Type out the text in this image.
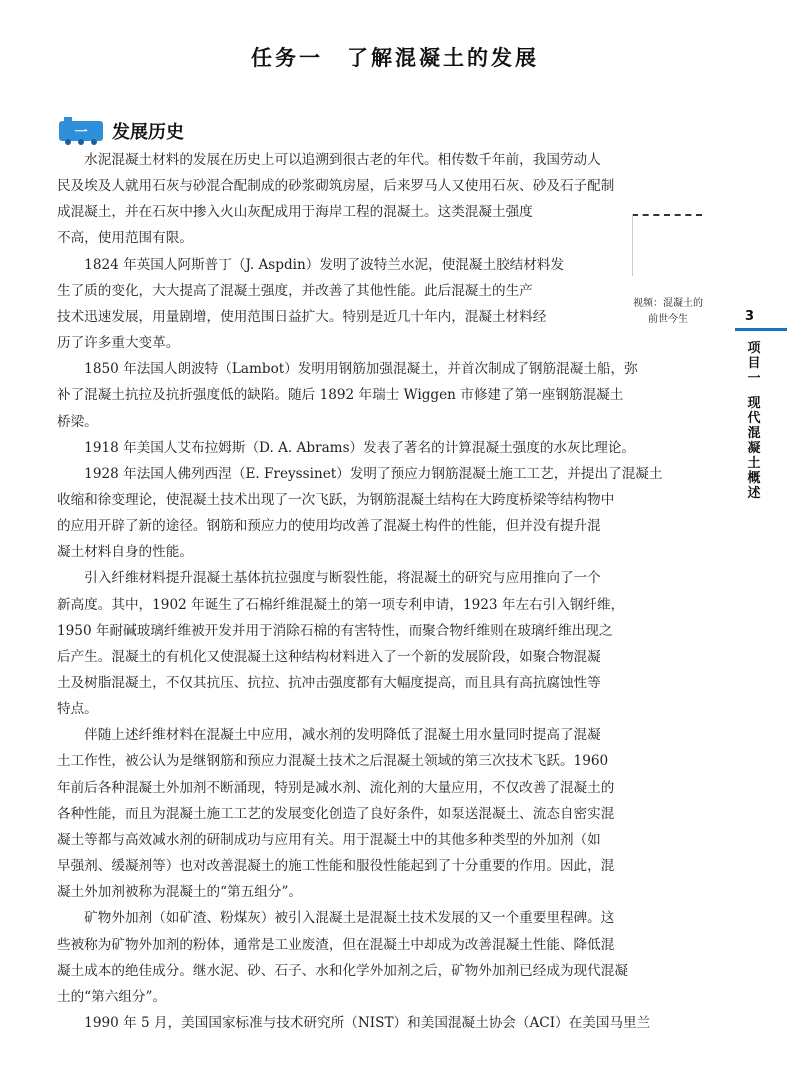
任务一　了解混凝土的发展
一 发展历史
视频：混凝土的
前世今生	3
项
目
一
现
代
混
凝
土
概
述
　　水泥混凝土材料的发展在历史上可以追溯到很古老的年代。相传数千年前，我国劳动人
民及埃及人就用石灰与砂混合配制成的砂浆砌筑房屋，后来罗马人又使用石灰、砂及石子配制
成混凝土，并在石灰中掺入火山灰配成用于海岸工程的混凝土。这类混凝土强度
不高，使用范围有限。
　　1824 年英国人阿斯普丁（J. Aspdin）发明了波特兰水泥，使混凝土胶结材料发
生了质的变化，大大提高了混凝土强度，并改善了其他性能。此后混凝土的生产
技术迅速发展，用量剧增，使用范围日益扩大。特别是近几十年内，混凝土材料经
历了许多重大变革。
　　1850 年法国人朗波特（Lambot）发明用钢筋加强混凝土，并首次制成了钢筋混凝土船，弥
补了混凝土抗拉及抗折强度低的缺陷。随后 1892 年瑞士 Wiggen 市修建了第一座钢筋混凝土
桥梁。
　　1918 年美国人艾布拉姆斯（D. A. Abrams）发表了著名的计算混凝土强度的水灰比理论。
　　1928 年法国人佛列西涅（E. Freyssinet）发明了预应力钢筋混凝土施工工艺，并提出了混凝土
收缩和徐变理论，使混凝土技术出现了一次飞跃，为钢筋混凝土结构在大跨度桥梁等结构物中
的应用开辟了新的途径。钢筋和预应力的使用均改善了混凝土构件的性能，但并没有提升混
凝土材料自身的性能。
　　引入纤维材料提升混凝土基体抗拉强度与断裂性能，将混凝土的研究与应用推向了一个
新高度。其中，1902 年诞生了石棉纤维混凝土的第一项专利申请，1923 年左右引入钢纤维，
1950 年耐碱玻璃纤维被开发并用于消除石棉的有害特性，而聚合物纤维则在玻璃纤维出现之
后产生。混凝土的有机化又使混凝土这种结构材料进入了一个新的发展阶段，如聚合物混凝
土及树脂混凝土，不仅其抗压、抗拉、抗冲击强度都有大幅度提高，而且具有高抗腐蚀性等
特点。
　　伴随上述纤维材料在混凝土中应用，减水剂的发明降低了混凝土用水量同时提高了混凝
土工作性，被公认为是继钢筋和预应力混凝土技术之后混凝土领域的第三次技术飞跃。1960
年前后各种混凝土外加剂不断涌现，特别是减水剂、流化剂的大量应用，不仅改善了混凝土的
各种性能，而且为混凝土施工工艺的发展变化创造了良好条件，如泵送混凝土、流态自密实混
凝土等都与高效减水剂的研制成功与应用有关。用于混凝土中的其他多种类型的外加剂（如
早强剂、缓凝剂等）也对改善混凝土的施工性能和服役性能起到了十分重要的作用。因此，混
凝土外加剂被称为混凝土的“第五组分”。
　　矿物外加剂（如矿渣、粉煤灰）被引入混凝土是混凝土技术发展的又一个重要里程碑。这
些被称为矿物外加剂的粉体，通常是工业废渣，但在混凝土中却成为改善混凝土性能、降低混
凝土成本的绝佳成分。继水泥、砂、石子、水和化学外加剂之后，矿物外加剂已经成为现代混凝
土的“第六组分”。
　　1990 年 5 月，美国国家标准与技术研究所（NIST）和美国混凝土协会（ACI）在美国马里兰
